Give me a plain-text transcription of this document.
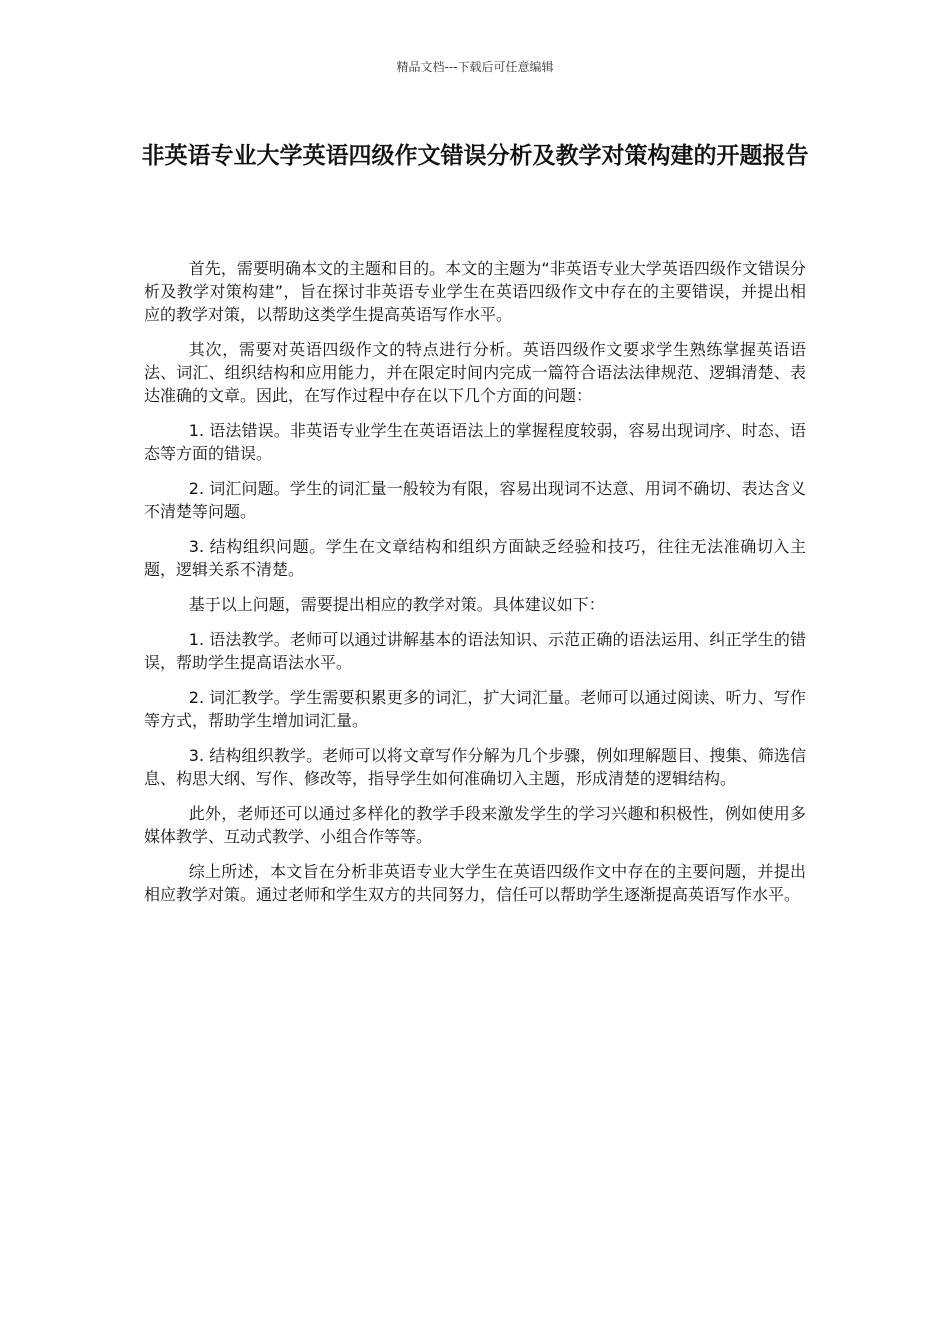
精品文档---下载后可任意编辑
非英语专业大学英语四级作文错误分析及教学对策构建的开题报告

首先，需要明确本文的主题和目的。本文的主题为“非英语专业大学英语四级作文错误分析及教学对策构建”，旨在探讨非英语专业学生在英语四级作文中存在的主要错误，并提出相应的教学对策，以帮助这类学生提高英语写作水平。

其次，需要对英语四级作文的特点进行分析。英语四级作文要求学生熟练掌握英语语法、词汇、组织结构和应用能力，并在限定时间内完成一篇符合语法法律规范、逻辑清楚、表达准确的文章。因此，在写作过程中存在以下几个方面的问题：

1. 语法错误。非英语专业学生在英语语法上的掌握程度较弱，容易出现词序、时态、语态等方面的错误。

2. 词汇问题。学生的词汇量一般较为有限，容易出现词不达意、用词不确切、表达含义不清楚等问题。

3. 结构组织问题。学生在文章结构和组织方面缺乏经验和技巧，往往无法准确切入主题，逻辑关系不清楚。

基于以上问题，需要提出相应的教学对策。具体建议如下：

1. 语法教学。老师可以通过讲解基本的语法知识、示范正确的语法运用、纠正学生的错误，帮助学生提高语法水平。

2. 词汇教学。学生需要积累更多的词汇，扩大词汇量。老师可以通过阅读、听力、写作等方式，帮助学生增加词汇量。

3. 结构组织教学。老师可以将文章写作分解为几个步骤，例如理解题目、搜集、筛选信息、构思大纲、写作、修改等，指导学生如何准确切入主题，形成清楚的逻辑结构。

此外，老师还可以通过多样化的教学手段来激发学生的学习兴趣和积极性，例如使用多媒体教学、互动式教学、小组合作等等。

综上所述，本文旨在分析非英语专业大学生在英语四级作文中存在的主要问题，并提出相应教学对策。通过老师和学生双方的共同努力，信任可以帮助学生逐渐提高英语写作水平。
